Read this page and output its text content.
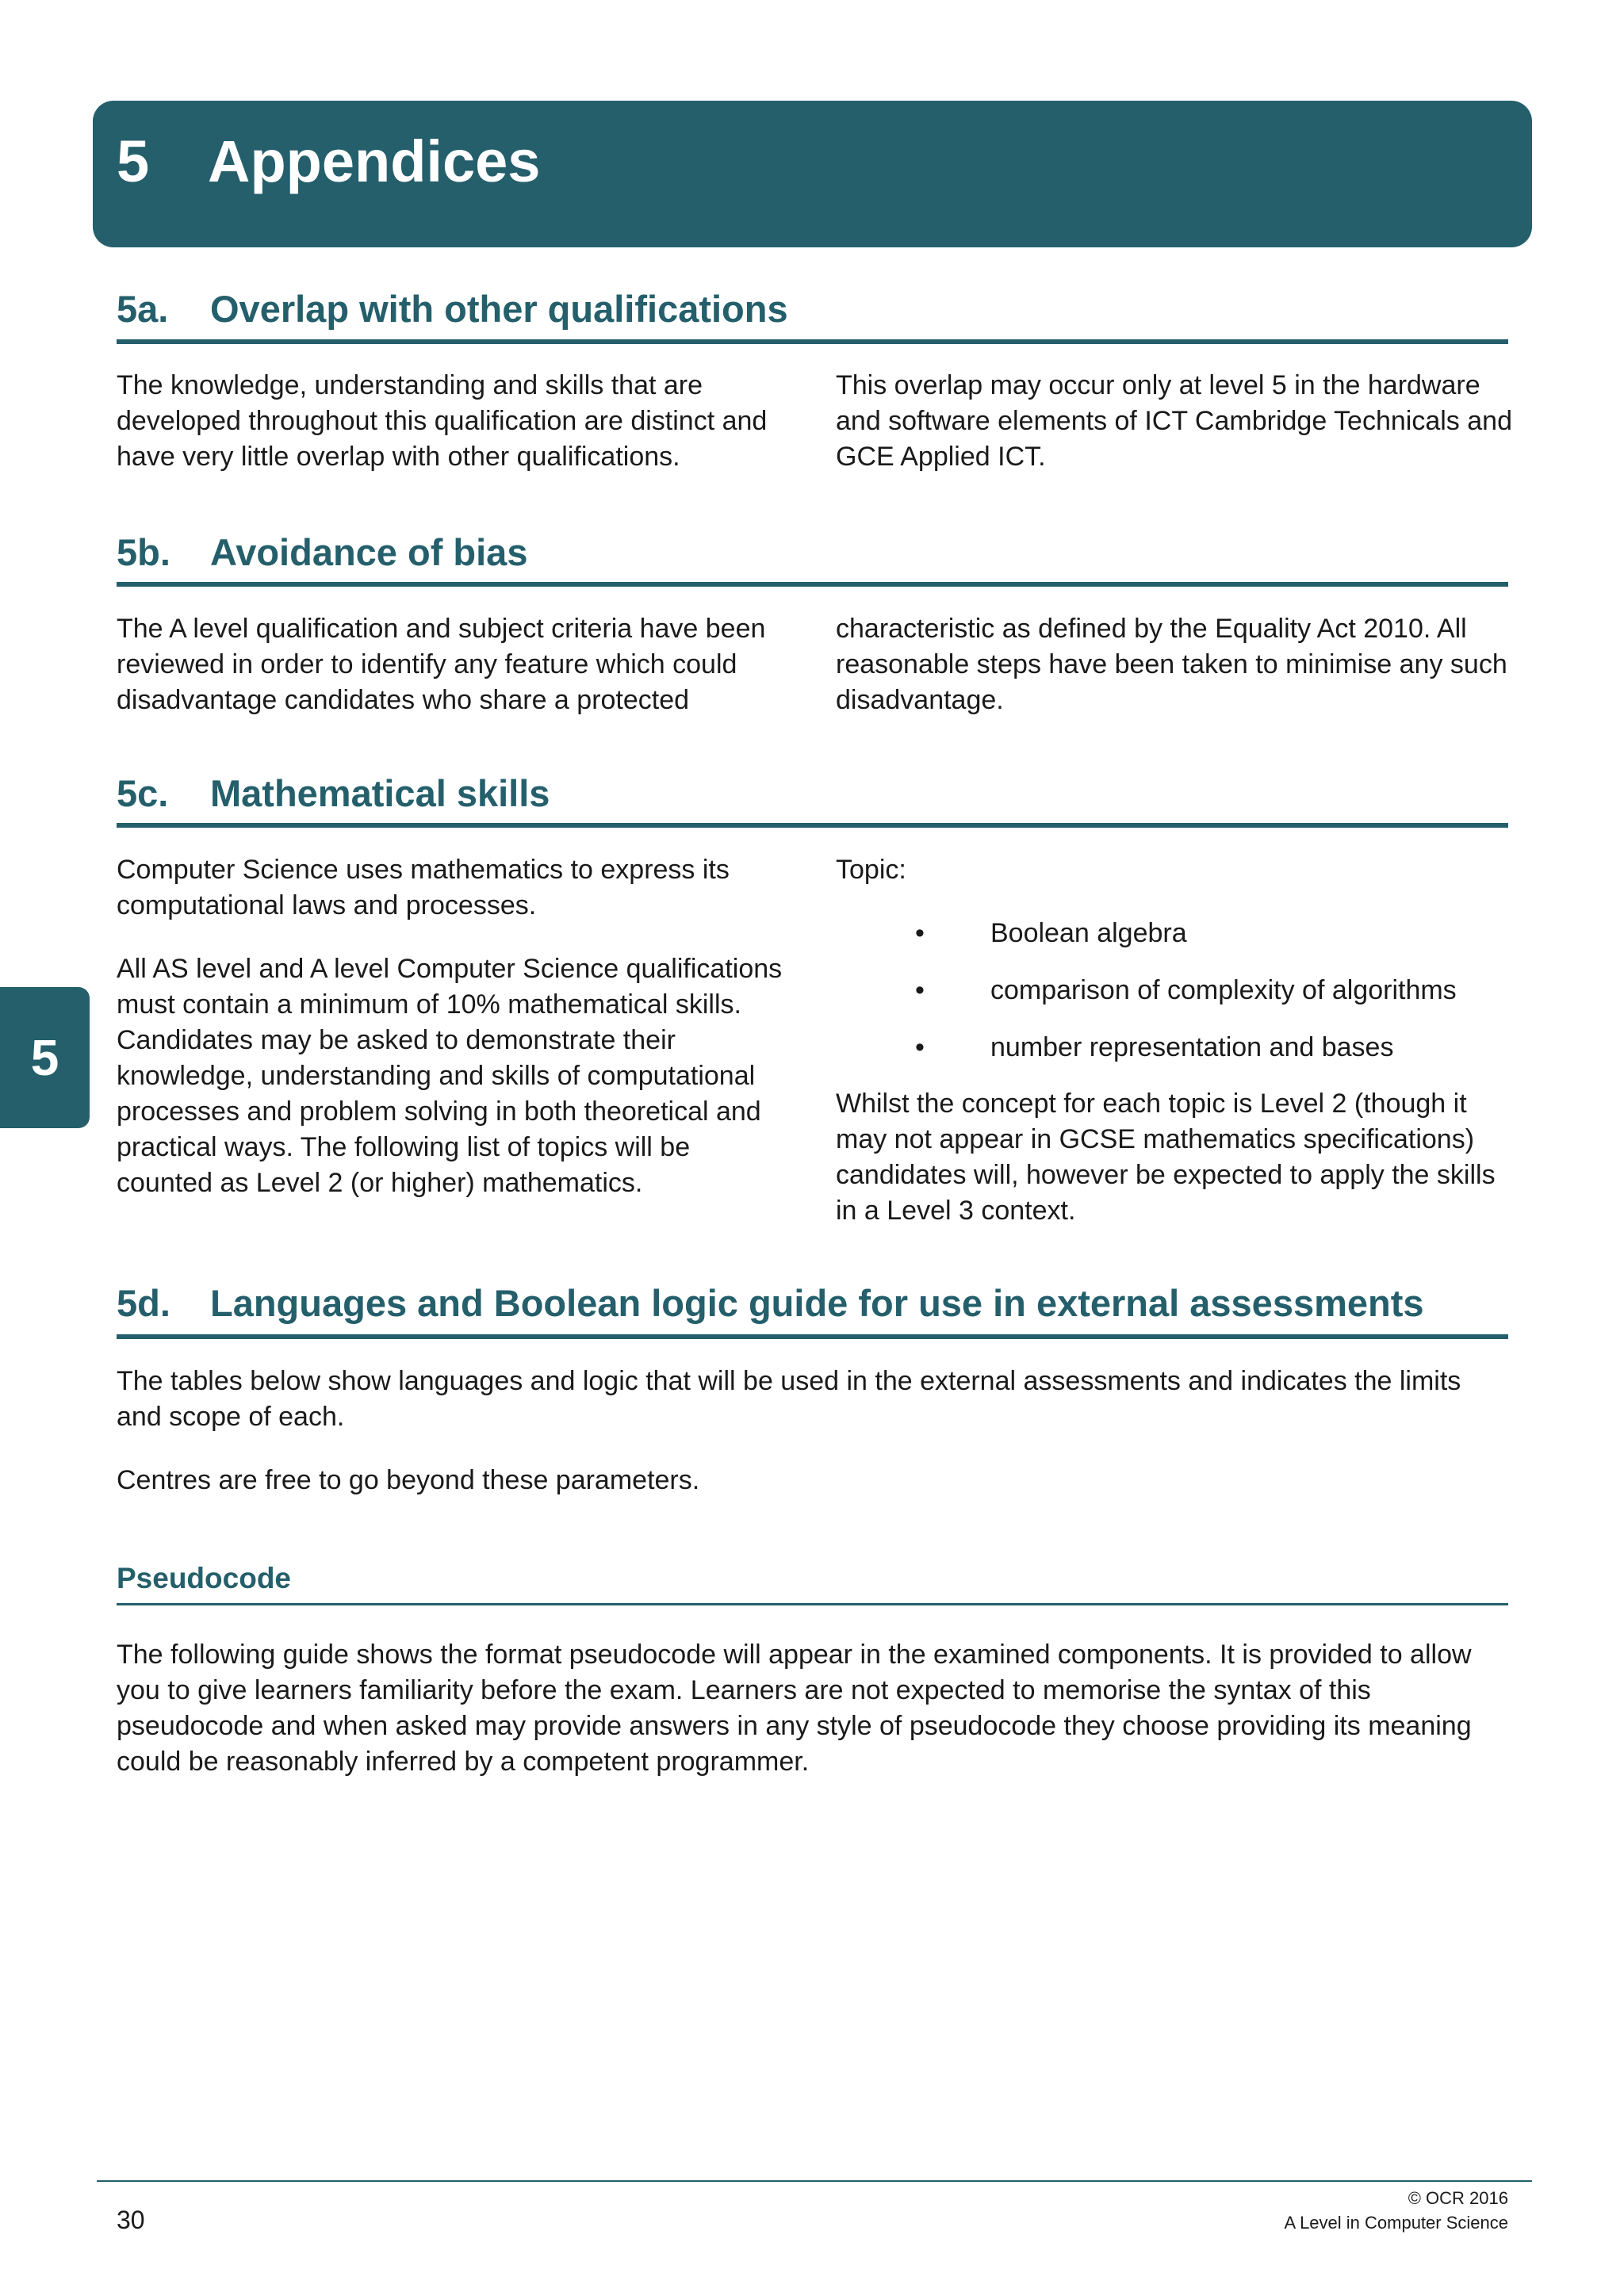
5 Appendices
5
5a. Overlap with other qualifications

The knowledge, understanding and skills that are developed throughout this qualification are distinct and have very little overlap with other qualifications.

This overlap may occur only at level 5 in the hardware and software elements of ICT Cambridge Technicals and GCE Applied ICT.

5b. Avoidance of bias

The A level qualification and subject criteria have been reviewed in order to identify any feature which could disadvantage candidates who share a protected

characteristic as defined by the Equality Act 2010. All reasonable steps have been taken to minimise any such disadvantage.

5c. Mathematical skills

Computer Science uses mathematics to express its computational laws and processes.

All AS level and A level Computer Science qualifications must contain a minimum of 10% mathematical skills. Candidates may be asked to demonstrate their knowledge, understanding and skills of computational processes and problem solving in both theoretical and practical ways. The following list of topics will be counted as Level 2 (or higher) mathematics.

Topic:

• Boolean algebra
• comparison of complexity of algorithms
• number representation and bases

Whilst the concept for each topic is Level 2 (though it may not appear in GCSE mathematics specifications) candidates will, however be expected to apply the skills in a Level 3 context.

5d. Languages and Boolean logic guide for use in external assessments

The tables below show languages and logic that will be used in the external assessments and indicates the limits and scope of each.

Centres are free to go beyond these parameters.

Pseudocode

The following guide shows the format pseudocode will appear in the examined components. It is provided to allow you to give learners familiarity before the exam. Learners are not expected to memorise the syntax of this pseudocode and when asked may provide answers in any style of pseudocode they choose providing its meaning could be reasonably inferred by a competent programmer.

30
© OCR 2016
A Level in Computer Science
